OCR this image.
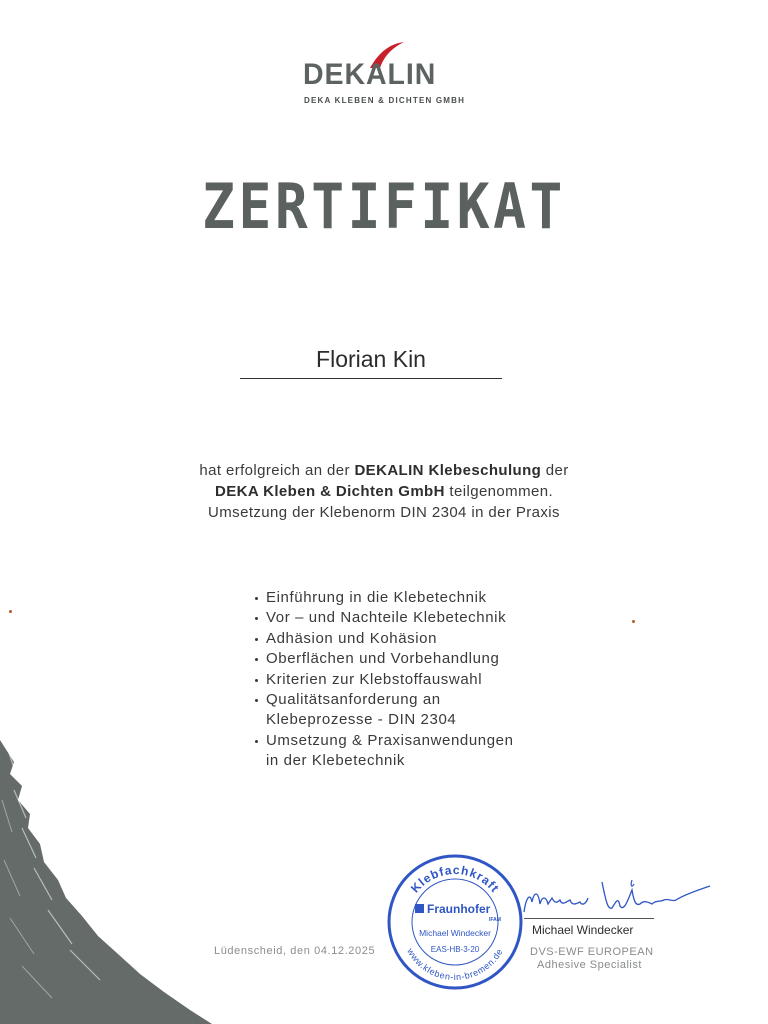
DEKALIN
DEKA KLEBEN & DICHTEN GMBH
ZERTIFIKAT
Florian Kin
hat erfolgreich an der DEKALIN Klebeschulung der
DEKA Kleben & Dichten GmbH teilgenommen.
Umsetzung der Klebenorm DIN 2304 in der Praxis
Einführung in die Klebetechnik
Vor – und Nachteile Klebetechnik
Adhäsion und Kohäsion
Oberflächen und Vorbehandlung
Kriterien zur Klebstoffauswahl
Qualitätsanforderung an
Klebeprozesse - DIN 2304
Umsetzung & Praxisanwendungen
in der Klebetechnik
Lüdenscheid, den 04.12.2025
Klebfachkraft
www.kleben-in-bremen.de
Fraunhofer
IFAM
Michael Windecker
EAS-HB-3-20
Michael Windecker
DVS-EWF EUROPEAN
Adhesive Specialist
